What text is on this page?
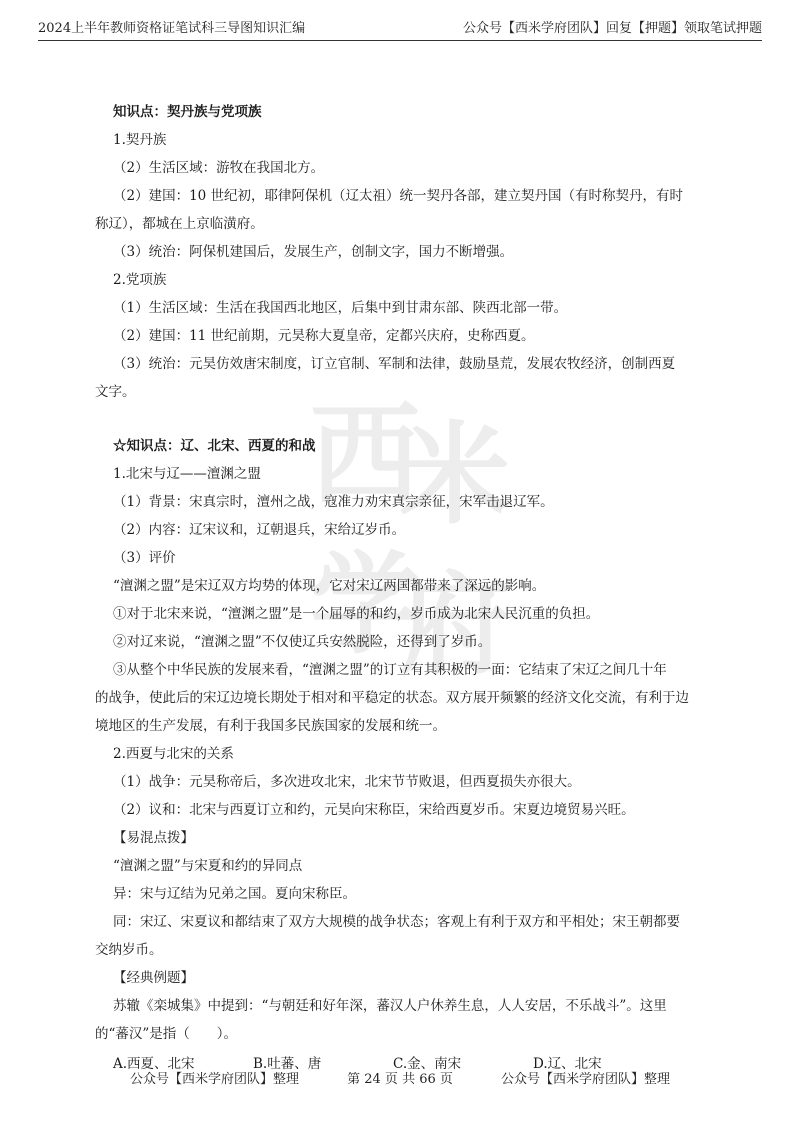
2024上半年教师资格证笔试科三导图知识汇编	公众号【西米学府团队】回复【押题】领取笔试押题
西
米
学
府

知识点：契丹族与党项族

1.契丹族

（2）生活区域：游牧在我国北方。

（2）建国：10 世纪初，耶律阿保机（辽太祖）统一契丹各部，建立契丹国（有时称契丹，有时

称辽），都城在上京临潢府。

（3）统治：阿保机建国后，发展生产，创制文字，国力不断增强。

2.党项族

（1）生活区域：生活在我国西北地区，后集中到甘肃东部、陕西北部一带。

（2）建国：11 世纪前期，元昊称大夏皇帝，定都兴庆府，史称西夏。

（3）统治：元昊仿效唐宋制度，订立官制、军制和法律，鼓励垦荒，发展农牧经济，创制西夏

文字。

☆知识点：辽、北宋、西夏的和战

1.北宋与辽——澶渊之盟

（1）背景：宋真宗时，澶州之战，寇准力劝宋真宗亲征，宋军击退辽军。

（2）内容：辽宋议和，辽朝退兵，宋给辽岁币。

（3）评价

“澶渊之盟”是宋辽双方均势的体现，它对宋辽两国都带来了深远的影响。

①对于北宋来说，“澶渊之盟”是一个屈辱的和约，岁币成为北宋人民沉重的负担。

②对辽来说，“澶渊之盟”不仅使辽兵安然脱险，还得到了岁币。

③从整个中华民族的发展来看，“澶渊之盟”的订立有其积极的一面：它结束了宋辽之间几十年

的战争，使此后的宋辽边境长期处于相对和平稳定的状态。双方展开频繁的经济文化交流，有利于边

境地区的生产发展，有利于我国多民族国家的发展和统一。

2.西夏与北宋的关系

（1）战争：元昊称帝后，多次进攻北宋，北宋节节败退，但西夏损失亦很大。

（2）议和：北宋与西夏订立和约，元昊向宋称臣，宋给西夏岁币。宋夏边境贸易兴旺。

【易混点拨】

“澶渊之盟”与宋夏和约的异同点

异：宋与辽结为兄弟之国。夏向宋称臣。

同：宋辽、宋夏议和都结束了双方大规模的战争状态；客观上有利于双方和平相处；宋王朝都要

交纳岁币。

【经典例题】

苏辙《栾城集》中提到：“与朝廷和好年深，蕃汉人户休养生息，人人安居，不乐战斗”。这里

的“蕃汉”是指（　　）。

A.西夏、北宋	B.吐蕃、唐	C.金、南宋	D.辽、北宋
公众号【西米学府团队】整理	第 24 页 共 66 页	公众号【西米学府团队】整理
